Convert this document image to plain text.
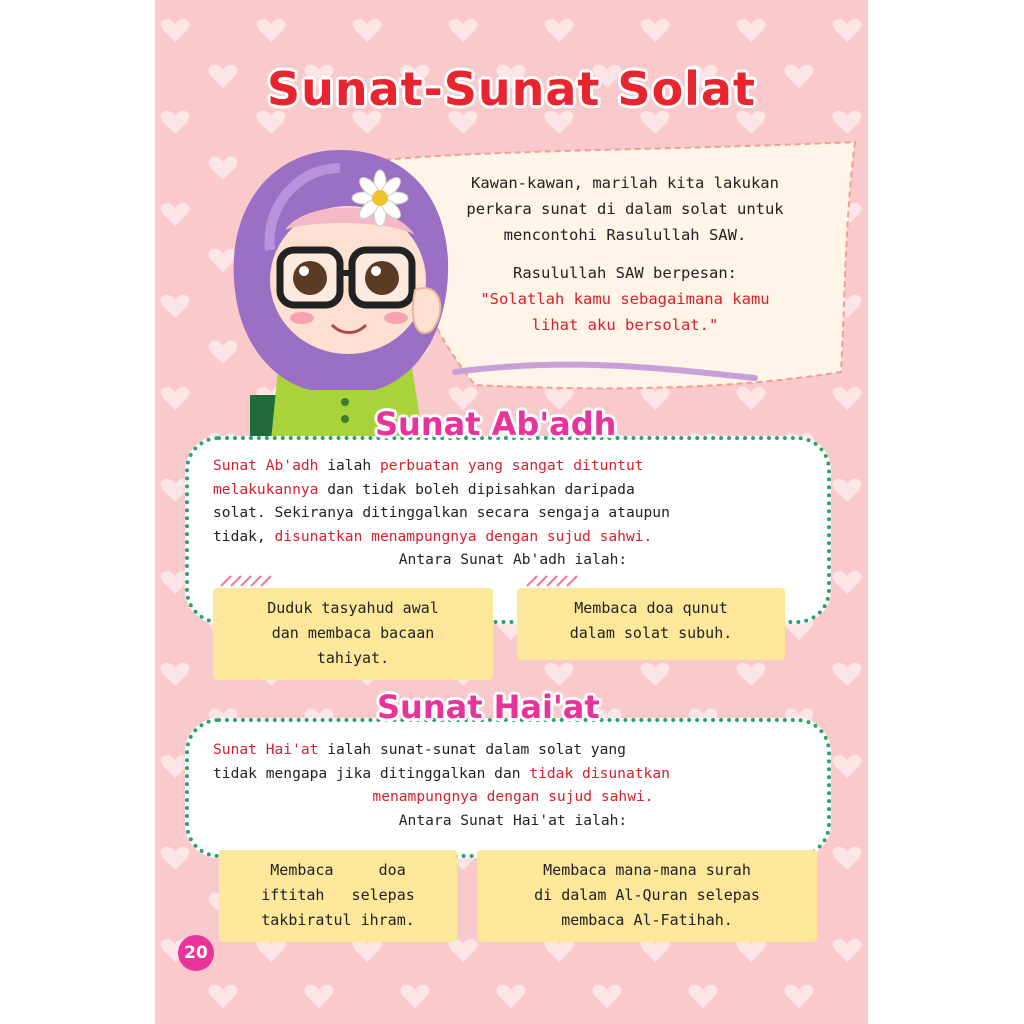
Sunat-Sunat Solat

Kawan-kawan, marilah kita lakukan

perkara sunat di dalam solat untuk

mencontohi Rasulullah SAW.

Rasulullah SAW berpesan:

"Solatlah kamu sebagaimana kamu

lihat aku bersolat."

Sunat Ab'adh
Sunat Ab'adh ialah perbuatan yang sangat dituntut
melakukannya dan tidak boleh dipisahkan daripada
solat. Sekiranya ditinggalkan secara sengaja ataupun
tidak, disunatkan menampungnya dengan sujud sahwi.
Antara Sunat Ab'adh ialah:
Duduk tasyahud awal
dan membaca bacaan
tahiyat.
Membaca doa qunut
dalam solat subuh.
Sunat Hai'at
Sunat Hai'at ialah sunat-sunat dalam solat yang
tidak mengapa jika ditinggalkan dan tidak disunatkan
menampungnya dengan sujud sahwi.
Antara Sunat Hai'at ialah:
Membaca     doa
iftitah   selepas
takbiratul ihram.
Membaca mana-mana surah
di dalam Al-Quran selepas
membaca Al-Fatihah.
20
